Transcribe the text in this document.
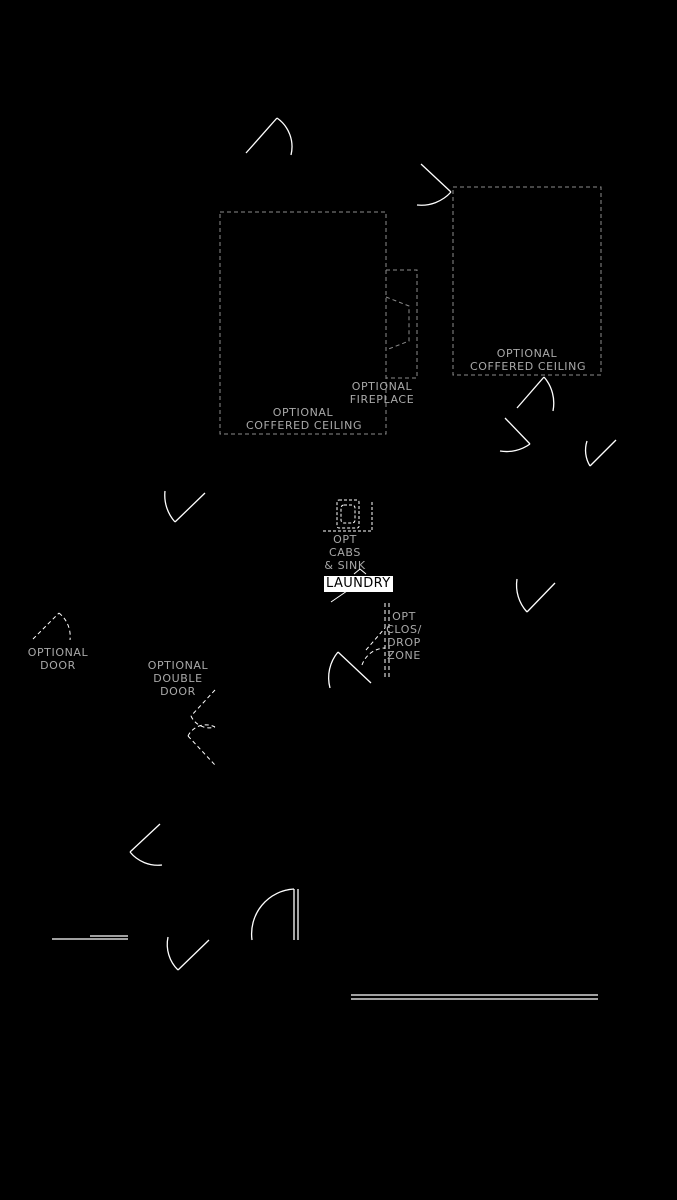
OPTIONAL
COFFERED CEILING
OPTIONAL
COFFERED CEILING
OPTIONAL
FIREPLACE
OPT
CABS
& SINK
LAUNDRY
OPT
CLOS/
DROP
ZONE
OPTIONAL
DOOR	OPTIONAL
DOUBLE
DOOR
